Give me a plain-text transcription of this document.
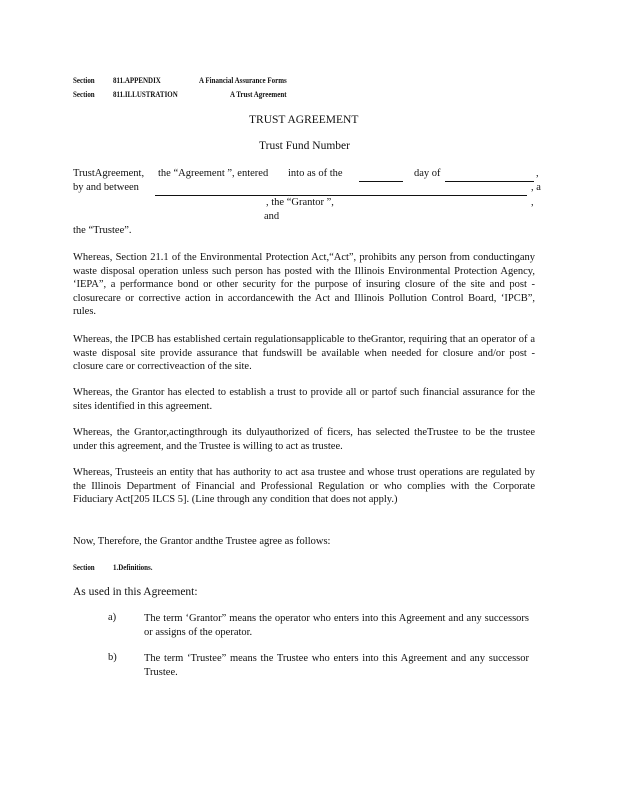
Section 811.APPENDIX	A Financial Assurance Forms
Section 811.ILLUSTRATION	A Trust Agreement
TRUST AGREEMENT
Trust Fund Number
TrustAgreement, the “Agreement ”, entered into as of the	day of	,
by and between	, a
, the “Grantor ”,	,
and
the “Trustee”.
Whereas, Section 21.1 of the Environmental Protection Act,“Act”, prohibits any person from conductingany waste disposal operation unless such person has posted with the Illinois Environmental Protection Agency, ‘IEPA”, a performance bond or other security for the purpose of insuring closure of the site and post -closurecare or corrective action in accordancewith the Act and Illinois Pollution Control Board, ‘IPCB”, rules.
Whereas, the IPCB has established certain regulationsapplicable to theGrantor, requiring that an operator of a waste disposal site provide assurance that fundswill be available when needed for closure and/or post - closure care or correctiveaction of the site.
Whereas, the Grantor has elected to establish a trust to provide all or partof such financial assurance for the sites identified in this agreement.
Whereas, the Grantor,actingthrough its dulyauthorized of ficers, has selected theTrustee to be the trustee under this agreement, and the Trustee is willing to act as trustee.
Whereas, Trusteeis an entity that has authority to act asa trustee and whose trust operations are regulated by the Illinois Department of Financial and Professional Regulation or who complies with the Corporate Fiduciary Act[205 ILCS 5]. (Line through any condition that does not apply.)
Now, Therefore, the Grantor andthe Trustee agree as follows:
Section 1.Definitions.
As used in this Agreement:
a)	The term ‘Grantor” means the operator who enters into this Agreement and any successors or assigns of the operator.
b)	The term ‘Trustee” means the Trustee who enters into this Agreement and any successor Trustee.
